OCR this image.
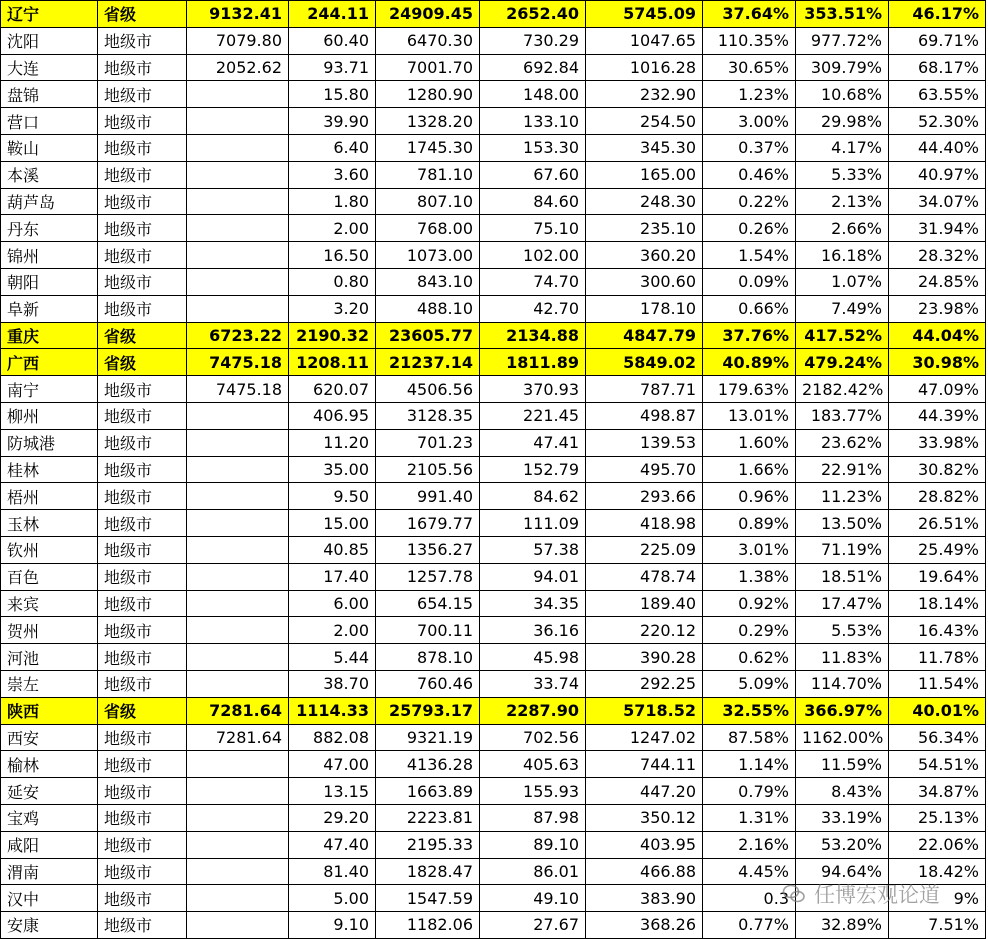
辽宁	省级	9132.41	244.11	24909.45	2652.40	5745.09	37.64%	353.51%	46.17%
沈阳	地级市	7079.80	60.40	6470.30	730.29	1047.65	110.35%	977.72%	69.71%
大连	地级市	2052.62	93.71	7001.70	692.84	1016.28	30.65%	309.79%	68.17%
盘锦	地级市		15.80	1280.90	148.00	232.90	1.23%	10.68%	63.55%
营口	地级市		39.90	1328.20	133.10	254.50	3.00%	29.98%	52.30%
鞍山	地级市		6.40	1745.30	153.30	345.30	0.37%	4.17%	44.40%
本溪	地级市		3.60	781.10	67.60	165.00	0.46%	5.33%	40.97%
葫芦岛	地级市		1.80	807.10	84.60	248.30	0.22%	2.13%	34.07%
丹东	地级市		2.00	768.00	75.10	235.10	0.26%	2.66%	31.94%
锦州	地级市		16.50	1073.00	102.00	360.20	1.54%	16.18%	28.32%
朝阳	地级市		0.80	843.10	74.70	300.60	0.09%	1.07%	24.85%
阜新	地级市		3.20	488.10	42.70	178.10	0.66%	7.49%	23.98%
重庆	省级	6723.22	2190.32	23605.77	2134.88	4847.79	37.76%	417.52%	44.04%
广西	省级	7475.18	1208.11	21237.14	1811.89	5849.02	40.89%	479.24%	30.98%
南宁	地级市	7475.18	620.07	4506.56	370.93	787.71	179.63%	2182.42%	47.09%
柳州	地级市		406.95	3128.35	221.45	498.87	13.01%	183.77%	44.39%
防城港	地级市		11.20	701.23	47.41	139.53	1.60%	23.62%	33.98%
桂林	地级市		35.00	2105.56	152.79	495.70	1.66%	22.91%	30.82%
梧州	地级市		9.50	991.40	84.62	293.66	0.96%	11.23%	28.82%
玉林	地级市		15.00	1679.77	111.09	418.98	0.89%	13.50%	26.51%
钦州	地级市		40.85	1356.27	57.38	225.09	3.01%	71.19%	25.49%
百色	地级市		17.40	1257.78	94.01	478.74	1.38%	18.51%	19.64%
来宾	地级市		6.00	654.15	34.35	189.40	0.92%	17.47%	18.14%
贺州	地级市		2.00	700.11	36.16	220.12	0.29%	5.53%	16.43%
河池	地级市		5.44	878.10	45.98	390.28	0.62%	11.83%	11.78%
崇左	地级市		38.70	760.46	33.74	292.25	5.09%	114.70%	11.54%
陕西	省级	7281.64	1114.33	25793.17	2287.90	5718.52	32.55%	366.97%	40.01%
西安	地级市	7281.64	882.08	9321.19	702.56	1247.02	87.58%	1162.00%	56.34%
榆林	地级市		47.00	4136.28	405.63	744.11	1.14%	11.59%	54.51%
延安	地级市		13.15	1663.89	155.93	447.20	0.79%	8.43%	34.87%
宝鸡	地级市		29.20	2223.81	87.98	350.12	1.31%	33.19%	25.13%
咸阳	地级市		47.40	2195.33	89.10	403.95	2.16%	53.20%	22.06%
渭南	地级市		81.40	1828.47	86.01	466.88	4.45%	94.64%	18.42%
汉中	地级市		5.00	1547.59	49.10	383.90	0.3		9%
安康	地级市		9.10	1182.06	27.67	368.26	0.77%	32.89%	7.51%
任博宏观论道
